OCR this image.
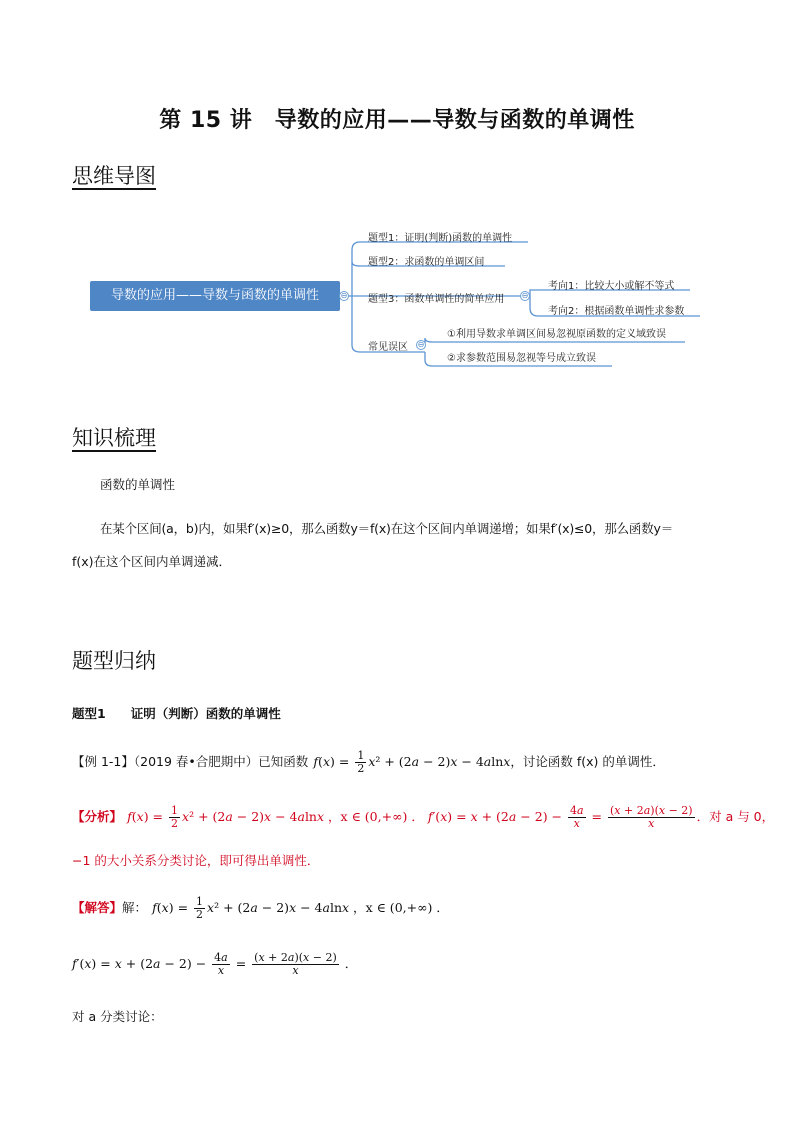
第 15 讲　导数的应用——导数与函数的单调性
思维导图
导数的应用——导数与函数的单调性	⊖
题型1：证明(判断)函数的单调性
题型2：求函数的单调区间
题型3：函数单调性的简单应用 ⊖
考向1：比较大小或解不等式
考向2：根据函数单调性求参数
常见误区 ⊖
①利用导数求单调区间易忽视原函数的定义域致误
②求参数范围易忽视等号成立致误
知识梳理
函数的单调性
在某个区间(a，b)内，如果f′(x)≥0，那么函数y＝f(x)在这个区间内单调递增；如果f′(x)≤0，那么函数y＝
f(x)在这个区间内单调递减．
题型归纳
题型1　　证明（判断）函数的单调性
【例 1-1】（2019 春•合肥期中）已知函数 $f(x) = \frac{1}{2} x^2 + (2a - 2)x - 4alnx$，讨论函数 f(x) 的单调性．
【分析】 $f(x) = \frac{1}{2} x^2 + (2a - 2)x - 4alnx$ ，x ∈ (0,+∞) ． $f'(x) = x + (2a - 2) - \frac{4a}{x} = \frac{(x + 2a)(x - 2)}{x}$ ．对 a 与 0，
−1 的大小关系分类讨论，即可得出单调性．
【解答】解： $f(x) = \frac{1}{2} x^2 + (2a - 2)x - 4alnx$ ，x ∈ (0,+∞) ．
$f'(x) = x + (2a - 2) - \frac{4a}{x} = \frac{(x + 2a)(x - 2)}{x}$ ．
对 a 分类讨论：
